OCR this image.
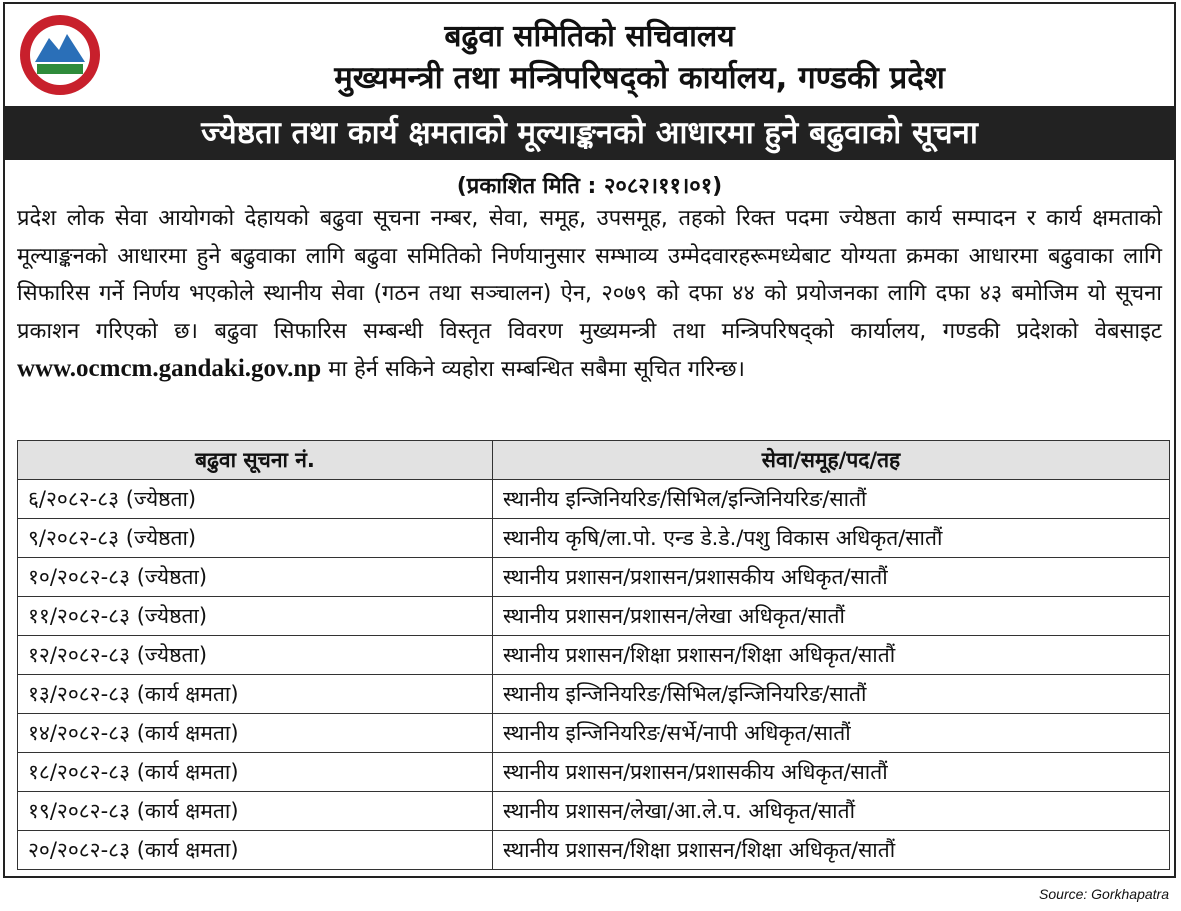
बढुवा समितिको सचिवालय
मुख्यमन्त्री तथा मन्त्रिपरिषद्को कार्यालय, गण्डकी प्रदेश
ज्येष्ठता तथा कार्य क्षमताको मूल्याङ्कनको आधारमा हुने बढुवाको सूचना
(प्रकाशित मिति : २०८२।११।०१)
प्रदेश लोक सेवा आयोगको देहायको बढुवा सूचना नम्बर, सेवा, समूह, उपसमूह, तहको रिक्त पदमा ज्येष्ठता कार्य सम्पादन र कार्य क्षमताको मूल्याङ्कनको आधारमा हुने बढुवाका लागि बढुवा समितिको निर्णयानुसार सम्भाव्य उम्मेदवारहरूमध्येबाट योग्यता क्रमका आधारमा बढुवाका लागि सिफारिस गर्ने निर्णय भएकोले स्थानीय सेवा (गठन तथा सञ्चालन) ऐन, २०७९ को दफा ४४ को प्रयोजनका लागि दफा ४३ बमोजिम यो सूचना प्रकाशन गरिएको छ। बढुवा सिफारिस सम्बन्धी विस्तृत विवरण मुख्यमन्त्री तथा मन्त्रिपरिषद्को कार्यालय, गण्डकी प्रदेशको वेबसाइट www.ocmcm.gandaki.gov.np मा हेर्न सकिने व्यहोरा सम्बन्धित सबैमा सूचित गरिन्छ।
बढुवा सूचना नं.	सेवा/समूह/पद/तह
६/२०८२-८३ (ज्येष्ठता)	स्थानीय इन्जिनियरिङ/सिभिल/इन्जिनियरिङ/सातौं
९/२०८२-८३ (ज्येष्ठता)	स्थानीय कृषि/ला.पो. एन्ड डे.डे./पशु विकास अधिकृत/सातौं
१०/२०८२-८३ (ज्येष्ठता)	स्थानीय प्रशासन/प्रशासन/प्रशासकीय अधिकृत/सातौं
११/२०८२-८३ (ज्येष्ठता)	स्थानीय प्रशासन/प्रशासन/लेखा अधिकृत/सातौं
१२/२०८२-८३ (ज्येष्ठता)	स्थानीय प्रशासन/शिक्षा प्रशासन/शिक्षा अधिकृत/सातौं
१३/२०८२-८३ (कार्य क्षमता)	स्थानीय इन्जिनियरिङ/सिभिल/इन्जिनियरिङ/सातौं
१४/२०८२-८३ (कार्य क्षमता)	स्थानीय इन्जिनियरिङ/सर्भे/नापी अधिकृत/सातौं
१८/२०८२-८३ (कार्य क्षमता)	स्थानीय प्रशासन/प्रशासन/प्रशासकीय अधिकृत/सातौं
१९/२०८२-८३ (कार्य क्षमता)	स्थानीय प्रशासन/लेखा/आ.ले.प. अधिकृत/सातौं
२०/२०८२-८३ (कार्य क्षमता)	स्थानीय प्रशासन/शिक्षा प्रशासन/शिक्षा अधिकृत/सातौं
Source: Gorkhapatra
